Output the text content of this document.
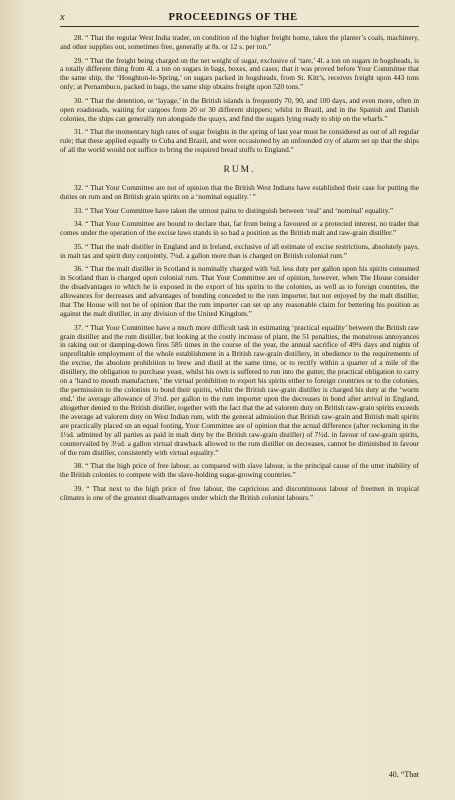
x	PROCEEDINGS OF THE

28. “ That the regular West India trader, on condition of the higher freight home, takes the planter’s coals, machinery, and other supplies out, sometimes free, generally at 8s. or 12 s. per ton.”

29. “ That the freight being charged on the net weight of sugar, exclusive of ‘tare,’ 4l. a ton on sugars in hogsheads, is a totally different thing from 4l. a ton on sugars in bags, boxes, and cases; that it was proved before Your Committee that the same ship, the ‘Houghton-le-Spring,’ on sugars packed in hogsheads, from St. Kitt’s, receives freight upon 443 tons only; at Pernambuco, packed in bags, the same ship obtains freight upon 520 tons.”

30. “ That the detention, or ‘layage,’ in the British islands is frequently 70, 90, and 100 days, and even more, often in open roadsteads, waiting for cargoes from 20 or 30 different shippers; whilst in Brazil, and in the Spanish and Danish colonies, the ships can generally run alongside the quays, and find the sugars lying ready to ship on the wharfs.”

31. “ That the momentary high rates of sugar freights in the spring of last year must be considered as out of all regular rule; that these applied equally to Cuba and Brazil, and were occasioned by an unfounded cry of alarm set up that the ships of all the world would not suffice to bring the required bread stuffs to England.”

RUM.

32. “ That Your Committee are not of opinion that the British West Indians have established their case for putting the duties on rum and on British grain spirits on a ‘nominal equality.’ ”

33. “ That Your Committee have taken the utmost pains to distinguish between ‘real’ and ‘nominal’ equality.”

34. “ That Your Committee are bound to declare that, far from being a favoured or a protected interest, no trader that comes under the operation of the excise laws stands in so bad a position as the British malt and raw-grain distiller.”

35. “ That the malt distiller in England and in Ireland, exclusive of all estimate of excise restrictions, absolutely pays, in malt tax and spirit duty conjointly, 7¼d. a gallon more than is charged on British colonial rum.”

36. “ That the malt distiller in Scotland is nominally charged with ¾d. less duty per gallon upon his spirits consumed in Scotland than is charged upon colonial rum. That Your Committee are of opinion, however, when The House consider the disadvantages to which he is exposed in the export of his spirits to the colonies, as well as to foreign countries, the allowances for decreases and advantages of bonding conceded to the rum importer, but not enjoyed by the malt distiller, that The House will not be of opinion that the rum importer can set up any reasonable claim for bettering his position as against the malt distiller, in any division of the United Kingdom.”

37. “ That Your Committee have a much more difficult task in estimating ‘practical equality’ between the British raw grain distiller and the rum distiller, but looking at the costly increase of plant, the 51 penalties, the monstrous annoyances in raking out or damping-down fires 585 times in the course of the year, the annual sacrifice of 49¾ days and nights of unprofitable employment of the whole establishment in a British raw-grain distillery, in obedience to the requirements of the excise, the absolute prohibition to brew and distil at the same time, or to rectify within a quarter of a mile of the distillery, the obligation to purchase yeast, whilst his own is suffered to run into the gutter, the practical obligation to carry on a ‘hand to mouth manufacture,’ the virtual prohibition to export his spirits either to foreign countries or to the colonies, the permission to the colonists to bond their spirits, whilst the British raw-grain distiller is charged his duty at the ‘worm end,’ the average allowance of 3½d. per gallon to the rum importer upon the decreases in bond after arrival in England, altogether denied to the British distiller, together with the fact that the ad valorem duty on British raw-grain spirits exceeds the average ad valorem duty on West Indian rum, with the general admission that British raw-grain and British malt spirits are practically placed on an equal footing, Your Committee are of opinion that the actual difference (after reckoning in the 1½d. admitted by all parties as paid in malt duty by the British raw-grain distiller) of 7½d. in favour of raw-grain spirits, countervailed by 3½d. a gallon virtual drawback allowed to the rum distiller on decreases, cannot be diminished in favour of the rum distiller, consistently with virtual equality.”

38. “ That the high price of free labour, as compared with slave labour, is the principal cause of the utter inability of the British colonies to compete with the slave-holding sugar-growing countries.”

39. “ That next to the high price of free labour, the capricious and discontinuous labour of freemen in tropical climates is one of the greatest disadvantages under which the British colonist labours.”

40. “That
